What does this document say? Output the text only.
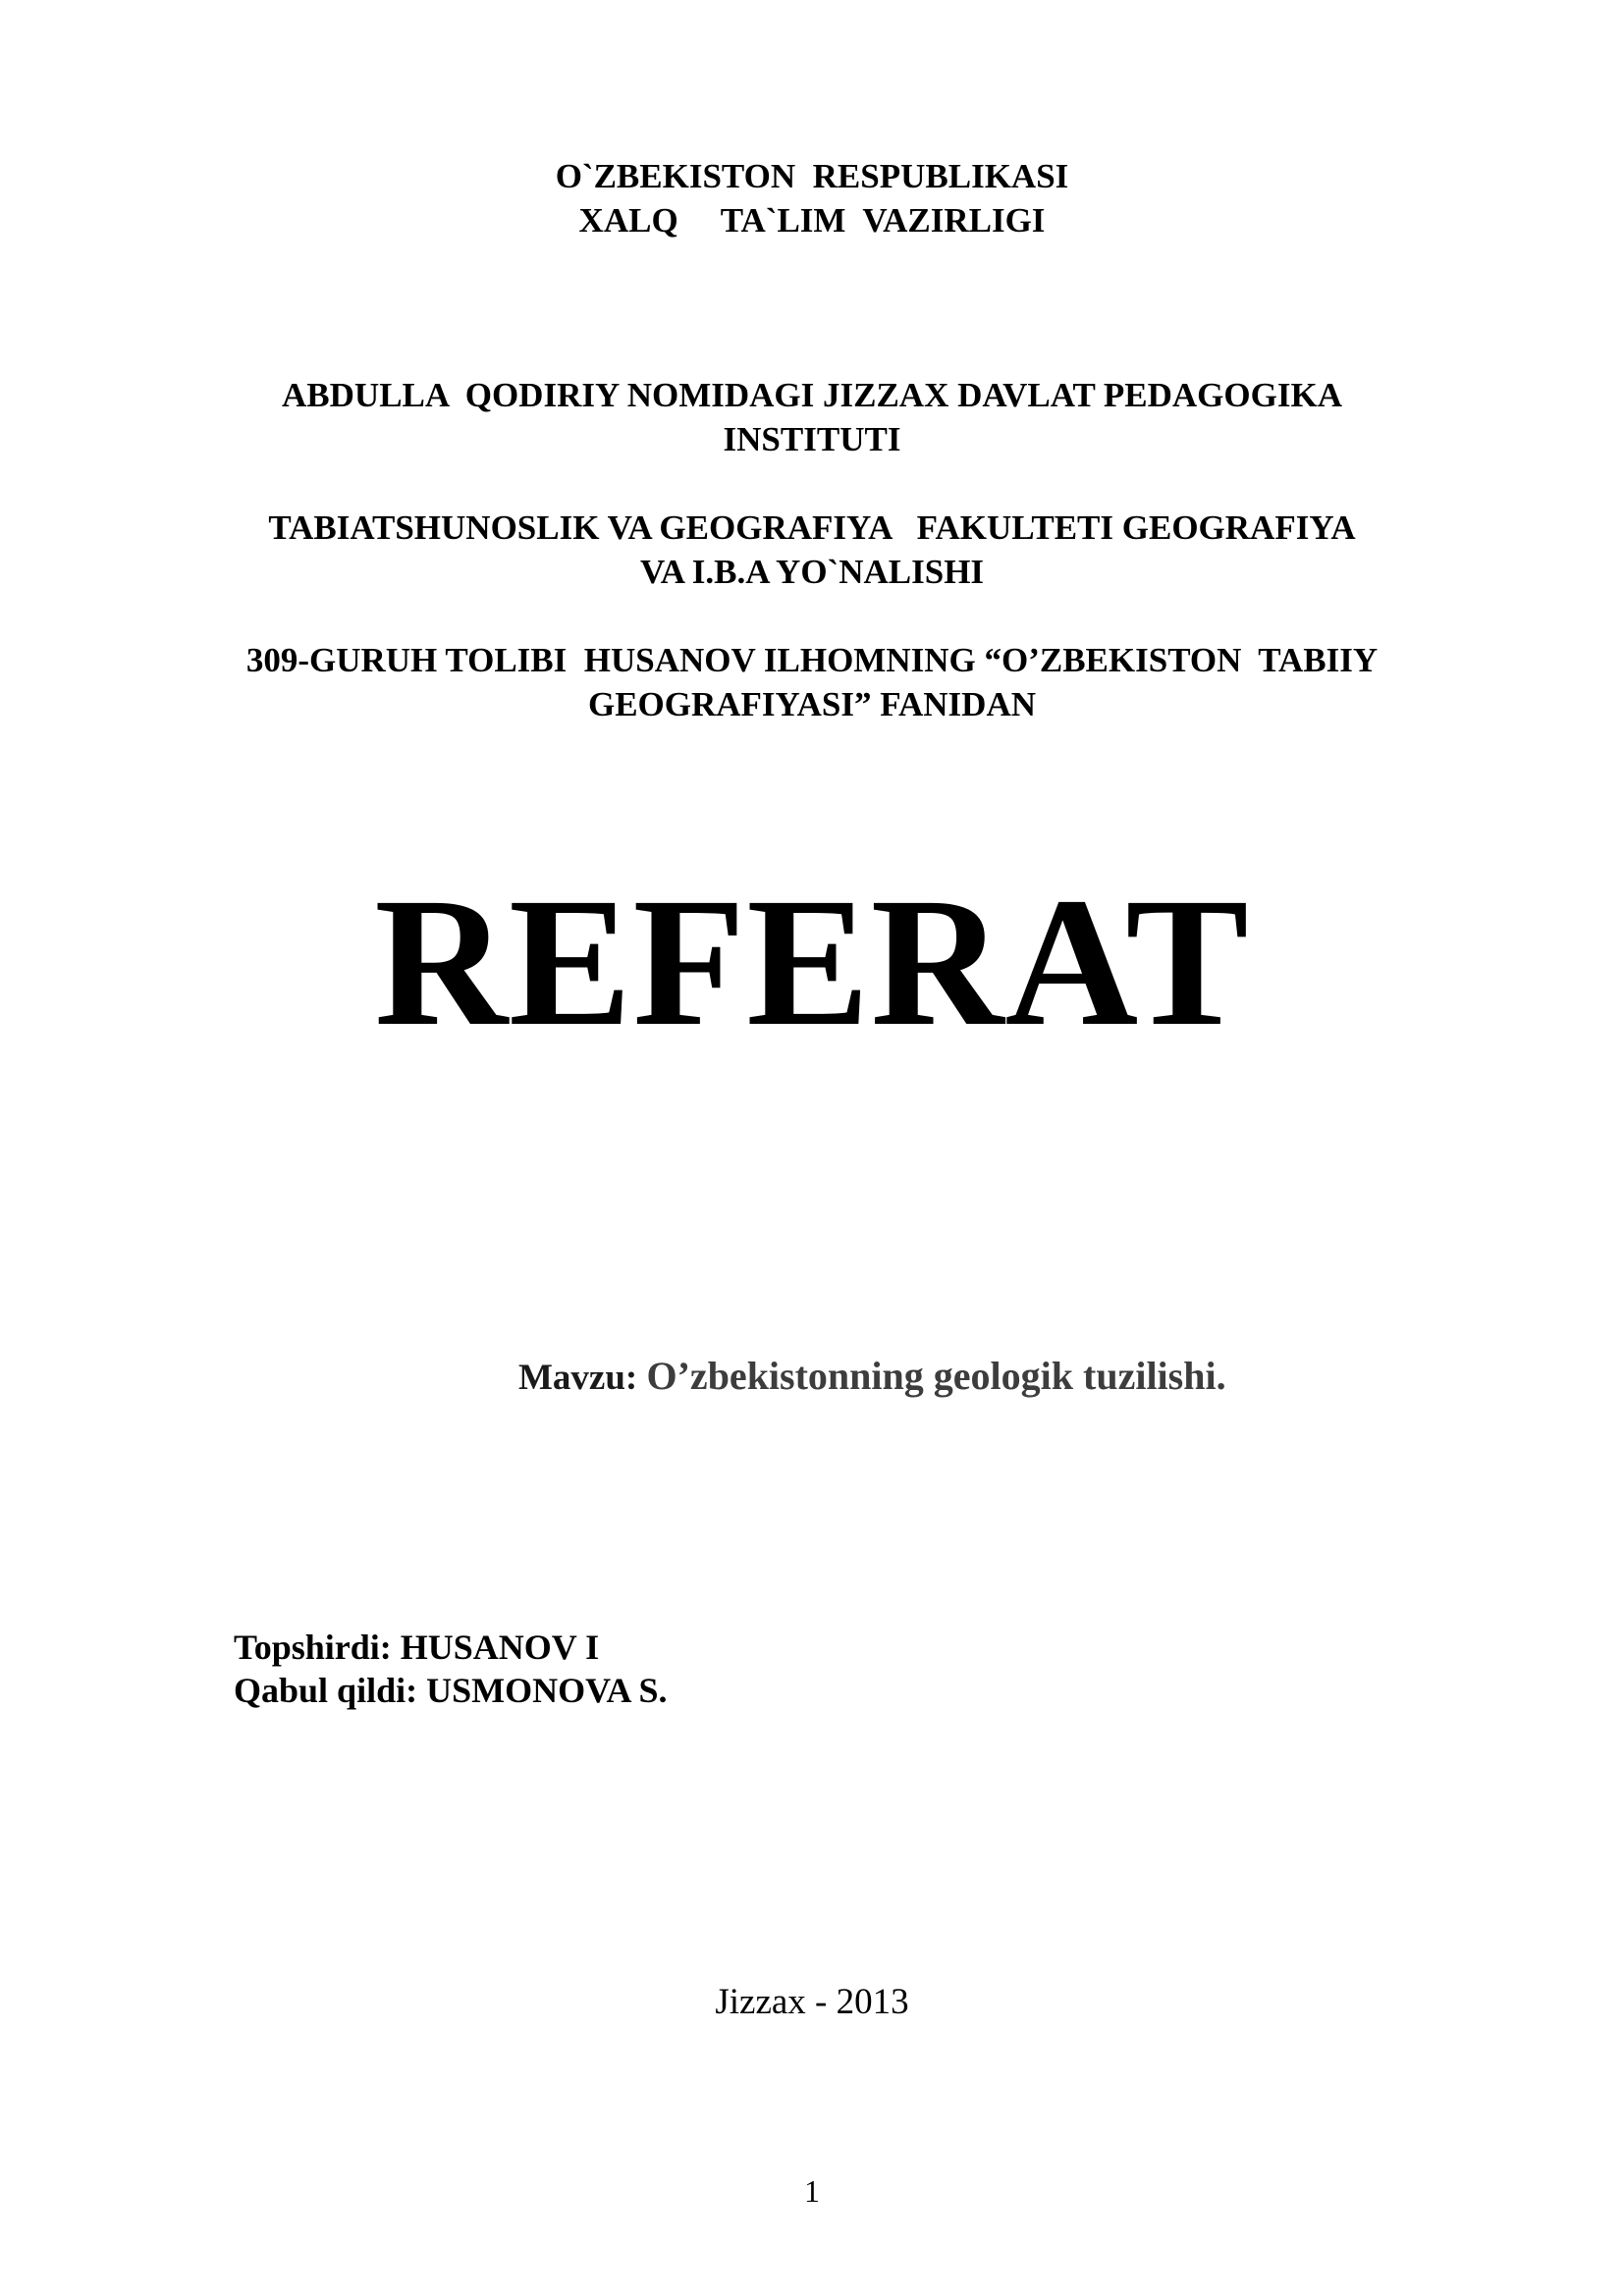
O`ZBEKISTON  RESPUBLIKASI
XALQ     TA`LIM  VAZIRLIGI
ABDULLA  QODIRIY NOMIDAGI JIZZAX DAVLAT PEDAGOGIKA
INSTITUTI
TABIATSHUNOSLIK VA GEOGRAFIYA   FAKULTETI GEOGRAFIYA
VA I.B.A YO`NALISHI
309-GURUH TOLIBI  HUSANOV ILHOMNING “O’ZBEKISTON  TABIIY
GEOGRAFIYASI” FANIDAN
REFERAT
Mavzu: O’zbekistonning geologik tuzilishi.
Topshirdi: HUSANOV I
Qabul qildi: USMONOVA S.
Jizzax - 2013
1
